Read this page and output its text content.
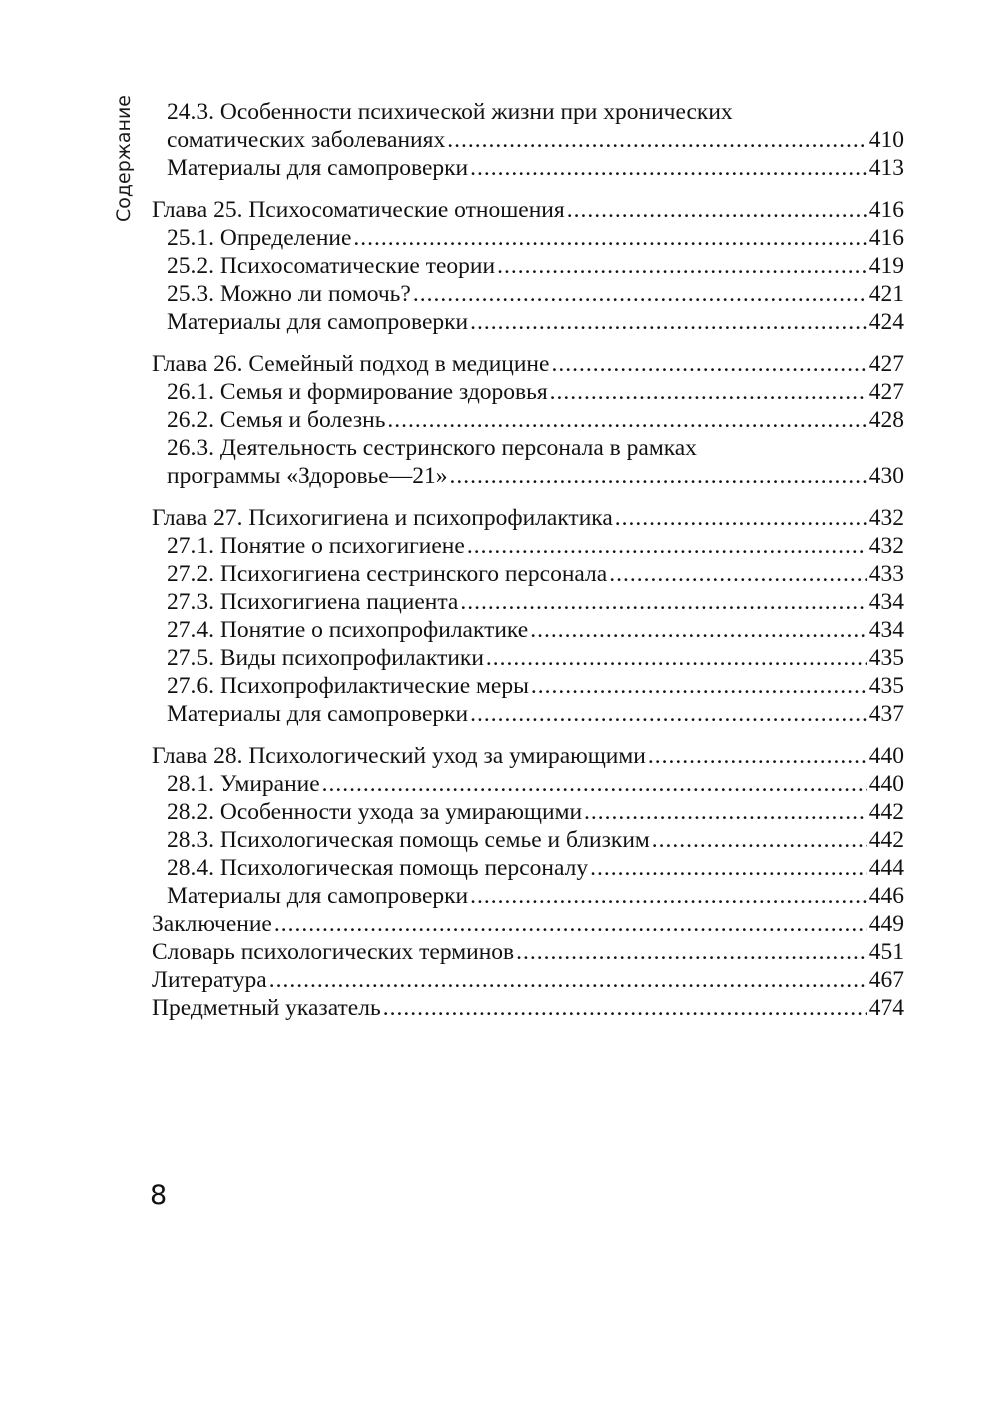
Содержание 24.3. Особенности психической жизни при хронических
соматических заболеваниях .....	410
Материалы для самопроверки .....	413
Глава 25. Психосоматические отношения .....	416
25.1. Определение .....	416
25.2. Психосоматические теории .....	419
25.3. Можно ли помочь? .....	421
Материалы для самопроверки .....	424
Глава 26. Семейный подход в медицине .....	427
26.1. Семья и формирование здоровья .....	427
26.2. Семья и болезнь .....	428
26.3. Деятельность сестринского персонала в рамках
программы «Здоровье—21» .....	430
Глава 27. Психогигиена и психопрофилактика .....	432
27.1. Понятие о психогигиене .....	432
27.2. Психогигиена сестринского персонала .....	433
27.3. Психогигиена пациента .....	434
27.4. Понятие о психопрофилактике .....	434
27.5. Виды психопрофилактики .....	435
27.6. Психопрофилактические меры .....	435
Материалы для самопроверки .....	437
Глава 28. Психологический уход за умирающими .....	440
28.1. Умирание .....	440
28.2. Особенности ухода за умирающими .....	442
28.3. Психологическая помощь семье и близким .....	442
28.4. Психологическая помощь персоналу .....	444
Материалы для самопроверки .....	446
Заключение .....	449
Словарь психологических терминов .....	451
Литература .....	467
Предметный указатель .....	474
8
